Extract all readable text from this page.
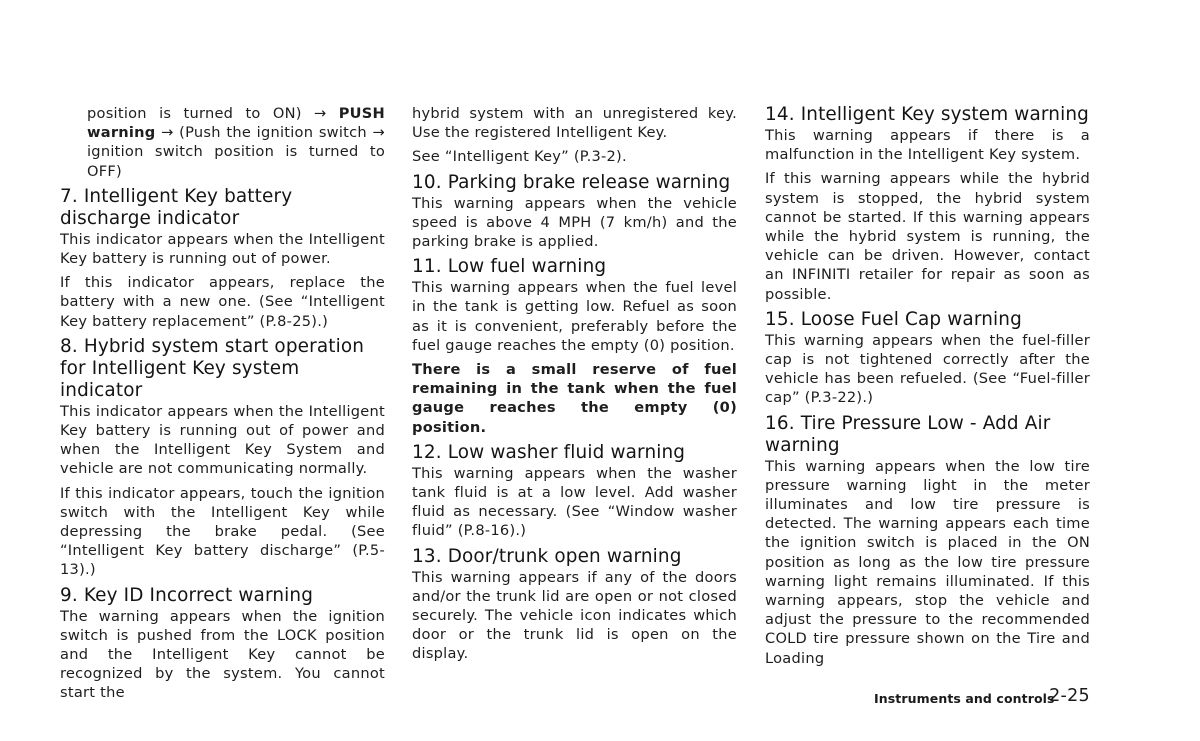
position is turned to ON) → PUSH warning → (Push the ignition switch → ignition switch position is turned to OFF)

7. Intelligent Key battery discharge indicator

This indicator appears when the Intelligent Key battery is running out of power.

If this indicator appears, replace the battery with a new one. (See “Intelligent Key battery replacement” (P.8-25).)

8. Hybrid system start operation for Intelligent Key system indicator

This indicator appears when the Intelligent Key battery is running out of power and when the Intelligent Key System and vehicle are not communicating normally.

If this indicator appears, touch the ignition switch with the Intelligent Key while depressing the brake pedal. (See “Intelligent Key battery discharge” (P.5-13).)

9. Key ID Incorrect warning

The warning appears when the ignition switch is pushed from the LOCK position and the Intelligent Key cannot be recognized by the system. You cannot start the

hybrid system with an unregistered key. Use the registered Intelligent Key.

See “Intelligent Key” (P.3-2).

10. Parking brake release warning

This warning appears when the vehicle speed is above 4 MPH (7 km/h) and the parking brake is applied.

11. Low fuel warning

This warning appears when the fuel level in the tank is getting low. Refuel as soon as it is convenient, preferably before the fuel gauge reaches the empty (0) position.

There is a small reserve of fuel remaining in the tank when the fuel gauge reaches the empty (0) position.

12. Low washer fluid warning

This warning appears when the washer tank fluid is at a low level. Add washer fluid as necessary. (See “Window washer fluid” (P.8-16).)

13. Door/trunk open warning

This warning appears if any of the doors and/or the trunk lid are open or not closed securely. The vehicle icon indicates which door or the trunk lid is open on the display.

14. Intelligent Key system warning

This warning appears if there is a malfunction in the Intelligent Key system.

If this warning appears while the hybrid system is stopped, the hybrid system cannot be started. If this warning appears while the hybrid system is running, the vehicle can be driven. However, contact an INFINITI retailer for repair as soon as possible.

15. Loose Fuel Cap warning

This warning appears when the fuel-filler cap is not tightened correctly after the vehicle has been refueled. (See “Fuel-filler cap” (P.3-22).)

16. Tire Pressure Low - Add Air warning

This warning appears when the low tire pressure warning light in the meter illuminates and low tire pressure is detected. The warning appears each time the ignition switch is placed in the ON position as long as the low tire pressure warning light remains illuminated. If this warning appears, stop the vehicle and adjust the pressure to the recommended COLD tire pressure shown on the Tire and Loading

Instruments and controls
2-25
